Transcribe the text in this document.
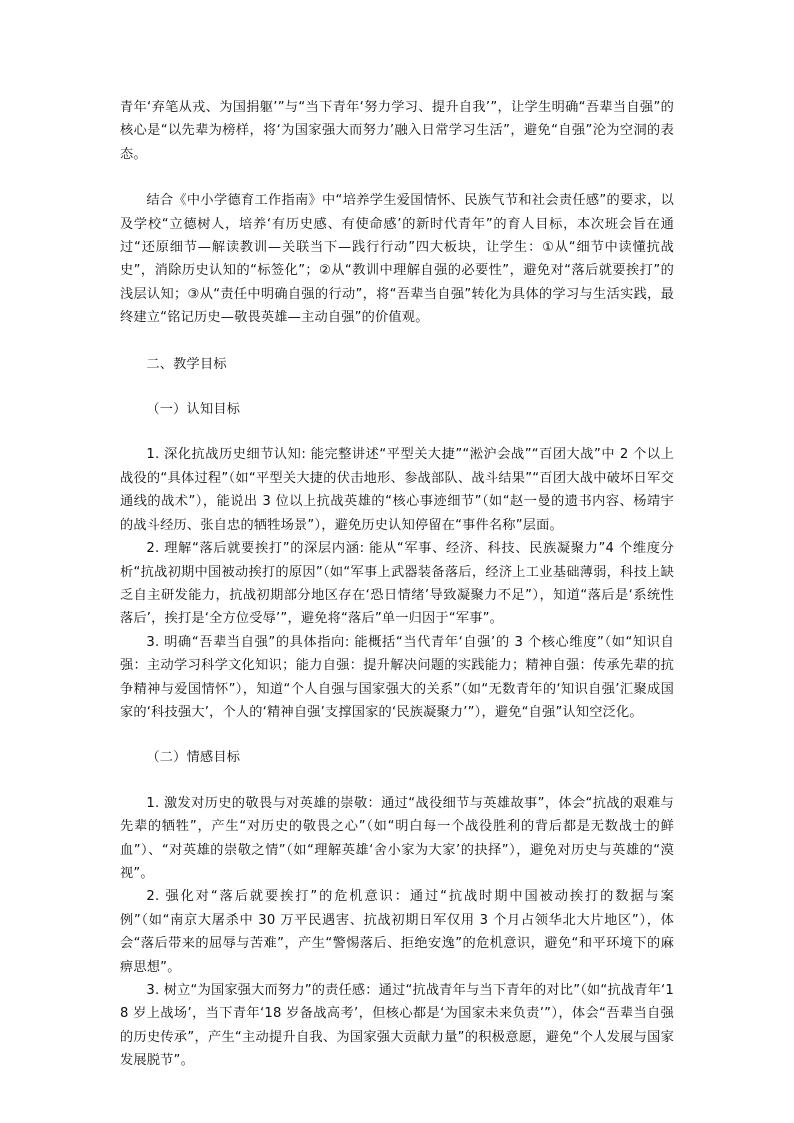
青年‘弃笔从戎、为国捐躯’”与“当下青年‘努力学习、提升自我’”，让学生明确“吾辈当自强”的核心是“以先辈为榜样，将‘为国家强大而努力’融入日常学习生活”，避免“自强”沦为空洞的表态。

结合《中小学德育工作指南》中“培养学生爱国情怀、民族气节和社会责任感”的要求，以及学校“立德树人，培养‘有历史感、有使命感’的新时代青年”的育人目标，本次班会旨在通过“还原细节—解读教训—关联当下—践行行动”四大板块，让学生：①从“细节中读懂抗战史”，消除历史认知的“标签化”；②从“教训中理解自强的必要性”，避免对“落后就要挨打”的浅层认知；③从“责任中明确自强的行动”，将“吾辈当自强”转化为具体的学习与生活实践，最终建立“铭记历史—敬畏英雄—主动自强”的价值观。

二、教学目标

（一）认知目标

1. 深化抗战历史细节认知: 能完整讲述“平型关大捷”“淞沪会战”“百团大战”中 2 个以上战役的“具体过程”（如“平型关大捷的伏击地形、参战部队、战斗结果”“百团大战中破坏日军交通线的战术”），能说出 3 位以上抗战英雄的“核心事迹细节”（如“赵一曼的遗书内容、杨靖宇的战斗经历、张自忠的牺牲场景”），避免历史认知停留在“事件名称”层面。

2. 理解“落后就要挨打”的深层内涵: 能从“军事、经济、科技、民族凝聚力”4 个维度分析“抗战初期中国被动挨打的原因”（如“军事上武器装备落后，经济上工业基础薄弱，科技上缺乏自主研发能力，抗战初期部分地区存在‘恐日情绪’导致凝聚力不足”），知道“落后是‘系统性落后’，挨打是‘全方位受辱’”，避免将“落后”单一归因于“军事”。

3. 明确“吾辈当自强”的具体指向: 能概括“当代青年‘自强’的 3 个核心维度”（如“知识自强：主动学习科学文化知识；能力自强：提升解决问题的实践能力；精神自强：传承先辈的抗争精神与爱国情怀”），知道“个人自强与国家强大的关系”（如“无数青年的‘知识自强’汇聚成国家的‘科技强大’，个人的‘精神自强’支撑国家的‘民族凝聚力’”），避免“自强”认知空泛化。

（二）情感目标

1. 激发对历史的敬畏与对英雄的崇敬：通过“战役细节与英雄故事”，体会“抗战的艰难与先辈的牺牲”，产生“对历史的敬畏之心”（如“明白每一个战役胜利的背后都是无数战士的鲜血”）、“对英雄的崇敬之情”（如“理解英雄‘舍小家为大家’的抉择”），避免对历史与英雄的“漠视”。

2. 强化对“落后就要挨打”的危机意识：通过“抗战时期中国被动挨打的数据与案例”（如“南京大屠杀中 30 万平民遇害、抗战初期日军仅用 3 个月占领华北大片地区”），体会“落后带来的屈辱与苦难”，产生“警惕落后、拒绝安逸”的危机意识，避免“和平环境下的麻痹思想”。

3. 树立“为国家强大而努力”的责任感：通过“抗战青年与当下青年的对比”（如“抗战青年‘18 岁上战场’，当下青年‘18 岁备战高考’，但核心都是‘为国家未来负责’”），体会“吾辈当自强的历史传承”，产生“主动提升自我、为国家强大贡献力量”的积极意愿，避免“个人发展与国家发展脱节”。
